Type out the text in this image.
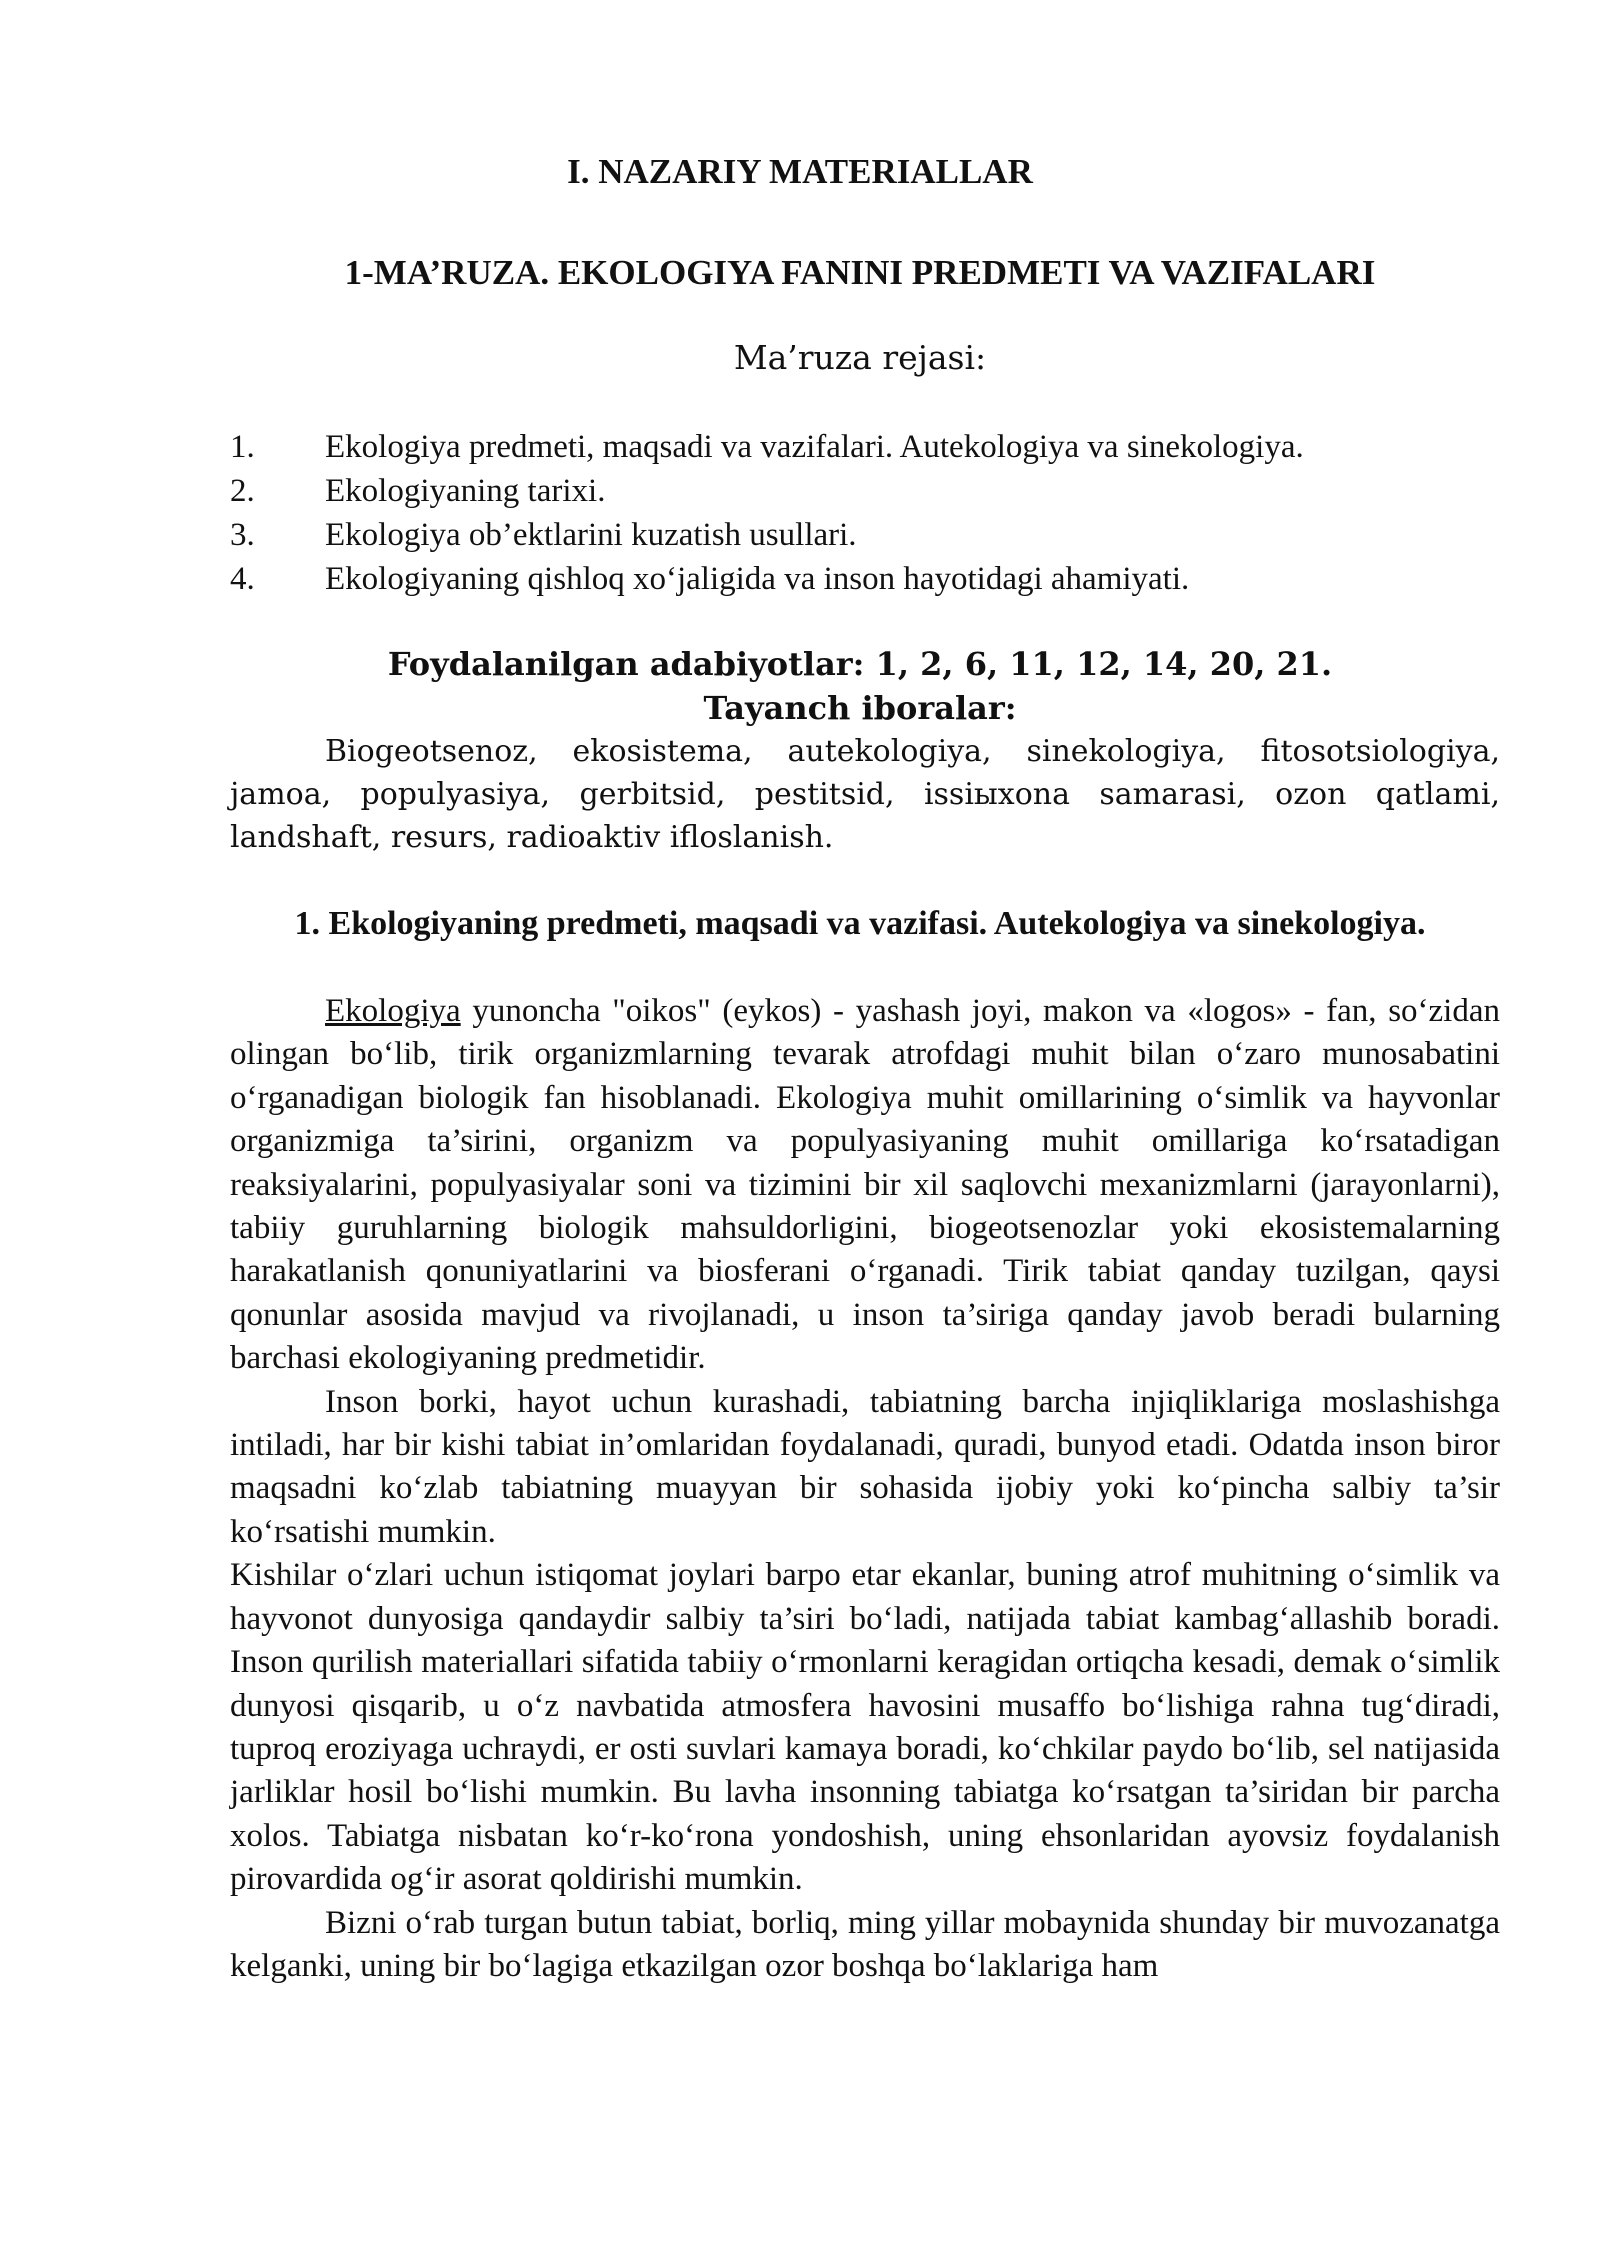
I. NAZARIY MATERIALLAR
1-MA’RUZA. EKOLOGIYA FANINI PREDMETI VA VAZIFALARI
Ma’ruza rejasi:
1. Ekologiya predmeti, maqsadi va vazifalari. Autekologiya va sinekologiya.
2. Ekologiyaning tarixi.
3. Ekologiya ob’ektlarini kuzatish usullari.
4. Ekologiyaning qishloq xo‘jaligida va inson hayotidagi ahamiyati.
Foydalanilgan adabiyotlar: 1, 2, 6, 11, 12, 14, 20, 21.
Tayanch iboralar:

Biogeotsenoz, ekosistema, autekologiya, sinekologiya, fitosotsiologiya, jamoa, populyasiya, gerbitsid, pestitsid, issiыxona samarasi, ozon qatlami, landshaft, resurs, radioaktiv ifloslanish.

1. Ekologiyaning predmeti, maqsadi va vazifasi. Autekologiya va sinekologiya.

Ekologiya yunoncha "oikos" (eykos) - yashash joyi, makon va «logos» - fan, so‘zidan olingan bo‘lib, tirik organizmlarning tevarak atrofdagi muhit bilan o‘zaro munosabatini o‘rganadigan biologik fan hisoblanadi. Ekologiya muhit omillarining o‘simlik va hayvonlar organizmiga ta’sirini, organizm va populyasiyaning muhit omillariga ko‘rsatadigan reaksiyalarini, populyasiyalar soni va tizimini bir xil saqlovchi mexanizmlarni (jarayonlarni), tabiiy guruhlarning biologik mahsuldorligini, biogeotsenozlar yoki ekosistemalarning harakatlanish qonuniyatlarini va biosferani o‘rganadi. Tirik tabiat qanday tuzilgan, qaysi qonunlar asosida mavjud va rivojlanadi, u inson ta’siriga qanday javob beradi bularning barchasi ekologiyaning predmetidir.

Inson borki, hayot uchun kurashadi, tabiatning barcha injiqliklariga moslashishga intiladi, har bir kishi tabiat in’omlaridan foydalanadi, quradi, bunyod etadi. Odatda inson biror maqsadni ko‘zlab tabiatning muayyan bir sohasida ijobiy yoki ko‘pincha salbiy ta’sir ko‘rsatishi mumkin.

Kishilar o‘zlari uchun istiqomat joylari barpo etar ekanlar, buning atrof muhitning o‘simlik va hayvonot dunyosiga qandaydir salbiy ta’siri bo‘ladi, natijada tabiat kambag‘allashib boradi. Inson qurilish materiallari sifatida tabiiy o‘rmonlarni keragidan ortiqcha kesadi, demak o‘simlik dunyosi qisqarib, u o‘z navbatida atmosfera havosini musaffo bo‘lishiga rahna tug‘diradi, tuproq eroziyaga uchraydi, er osti suvlari kamaya boradi, ko‘chkilar paydo bo‘lib, sel natijasida jarliklar hosil bo‘lishi mumkin. Bu lavha insonning tabiatga ko‘rsatgan ta’siridan bir parcha xolos. Tabiatga nisbatan ko‘r-ko‘rona yondoshish, uning ehsonlaridan ayovsiz foydalanish pirovardida og‘ir asorat qoldirishi mumkin.

Bizni o‘rab turgan butun tabiat, borliq, ming yillar mobaynida shunday bir muvozanatga kelganki, uning bir bo‘lagiga etkazilgan ozor boshqa bo‘laklariga ham
